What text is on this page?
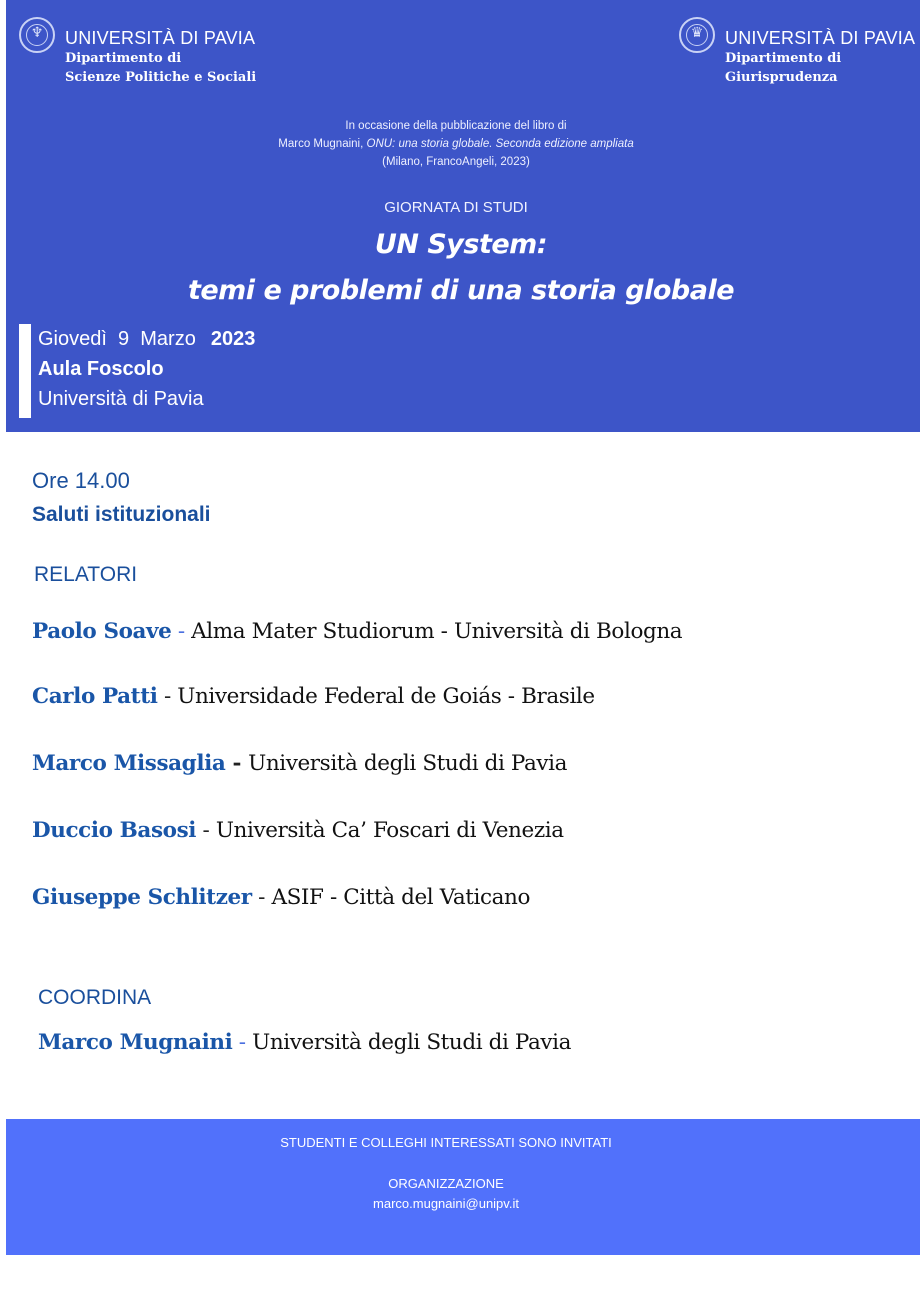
♆	UNIVERSITÀ DI PAVIA
Dipartimento di
Scienze Politiche e Sociali
♛	UNIVERSITÀ DI PAVIA
Dipartimento di
Giurisprudenza
In occasione della pubblicazione del libro di
Marco Mugnaini, ONU: una storia globale. Seconda edizione ampliata
(Milano, FrancoAngeli, 2023)
GIORNATA DI STUDI
UN System:
temi e problemi di una storia globale
Giovedì  9  Marzo 2023
Aula Foscolo
Università di Pavia
Ore 14.00
Saluti istituzionali
RELATORI
Paolo Soave - Alma Mater Studiorum - Università di Bologna
Carlo Patti - Universidade Federal de Goiás - Brasile
Marco Missaglia - Università degli Studi di Pavia
Duccio Basosi - Università Ca’ Foscari di Venezia
Giuseppe Schlitzer - ASIF - Città del Vaticano
COORDINA
Marco Mugnaini - Università degli Studi di Pavia
STUDENTI E COLLEGHI INTERESSATI SONO INVITATI
ORGANIZZAZIONE
marco.mugnaini@unipv.it
